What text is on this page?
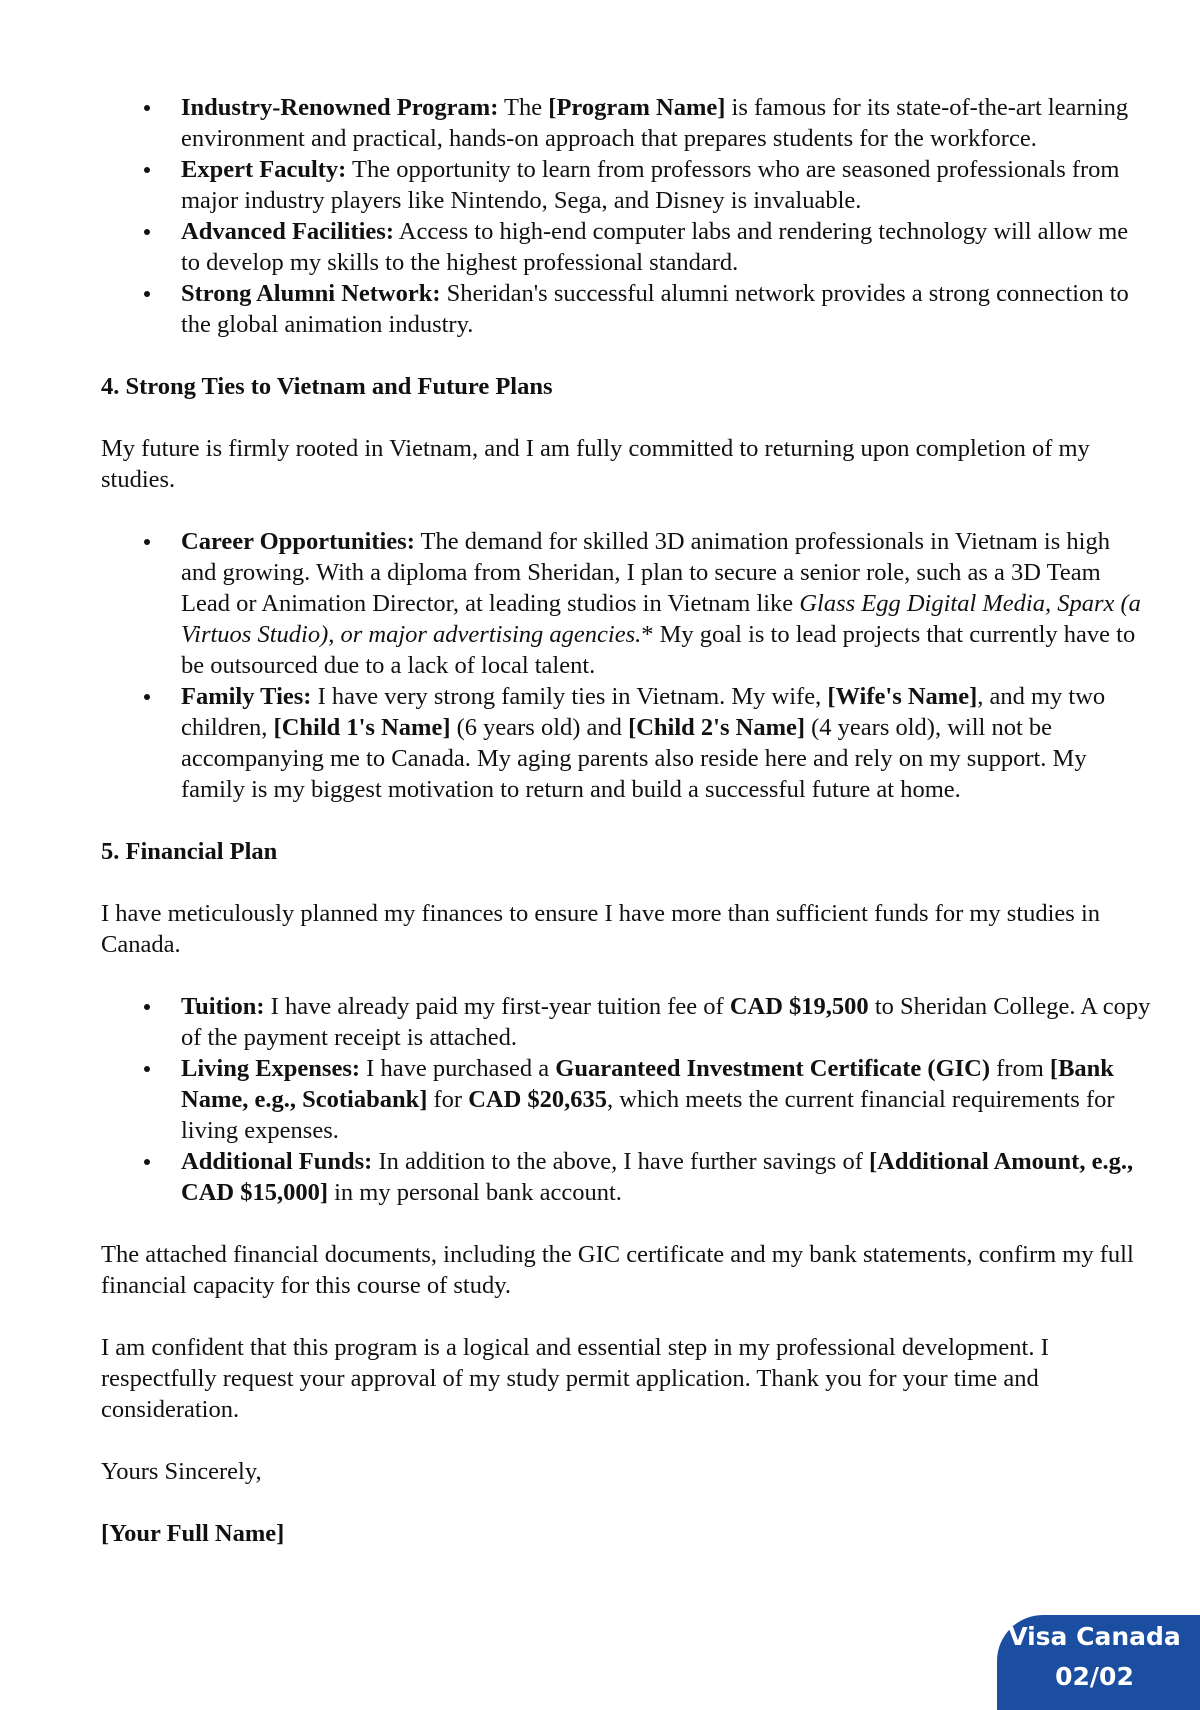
Industry-Renowned Program: The [Program Name] is famous for its state-of-the-art learning environment and practical, hands-on approach that prepares students for the workforce.
Expert Faculty: The opportunity to learn from professors who are seasoned professionals from major industry players like Nintendo, Sega, and Disney is invaluable.
Advanced Facilities: Access to high-end computer labs and rendering technology will allow me to develop my skills to the highest professional standard.
Strong Alumni Network: Sheridan's successful alumni network provides a strong connection to the global animation industry.

4. Strong Ties to Vietnam and Future Plans

My future is firmly rooted in Vietnam, and I am fully committed to returning upon completion of my studies.

Career Opportunities: The demand for skilled 3D animation professionals in Vietnam is high and growing. With a diploma from Sheridan, I plan to secure a senior role, such as a 3D Team Lead or Animation Director, at leading studios in Vietnam like Glass Egg Digital Media, Sparx (a Virtuos Studio), or major advertising agencies.* My goal is to lead projects that currently have to be outsourced due to a lack of local talent.
Family Ties: I have very strong family ties in Vietnam. My wife, [Wife's Name], and my two children, [Child 1's Name] (6 years old) and [Child 2's Name] (4 years old), will not be accompanying me to Canada. My aging parents also reside here and rely on my support. My family is my biggest motivation to return and build a successful future at home.

5. Financial Plan

I have meticulously planned my finances to ensure I have more than sufficient funds for my studies in Canada.

Tuition: I have already paid my first-year tuition fee of CAD $19,500 to Sheridan College. A copy of the payment receipt is attached.
Living Expenses: I have purchased a Guaranteed Investment Certificate (GIC) from [Bank Name, e.g., Scotiabank] for CAD $20,635, which meets the current financial requirements for living expenses.
Additional Funds: In addition to the above, I have further savings of [Additional Amount, e.g., CAD $15,000] in my personal bank account.

The attached financial documents, including the GIC certificate and my bank statements, confirm my full financial capacity for this course of study.

I am confident that this program is a logical and essential step in my professional development. I respectfully request your approval of my study permit application. Thank you for your time and consideration.

Yours Sincerely,

[Your Full Name]

Visa Canada
02/02
